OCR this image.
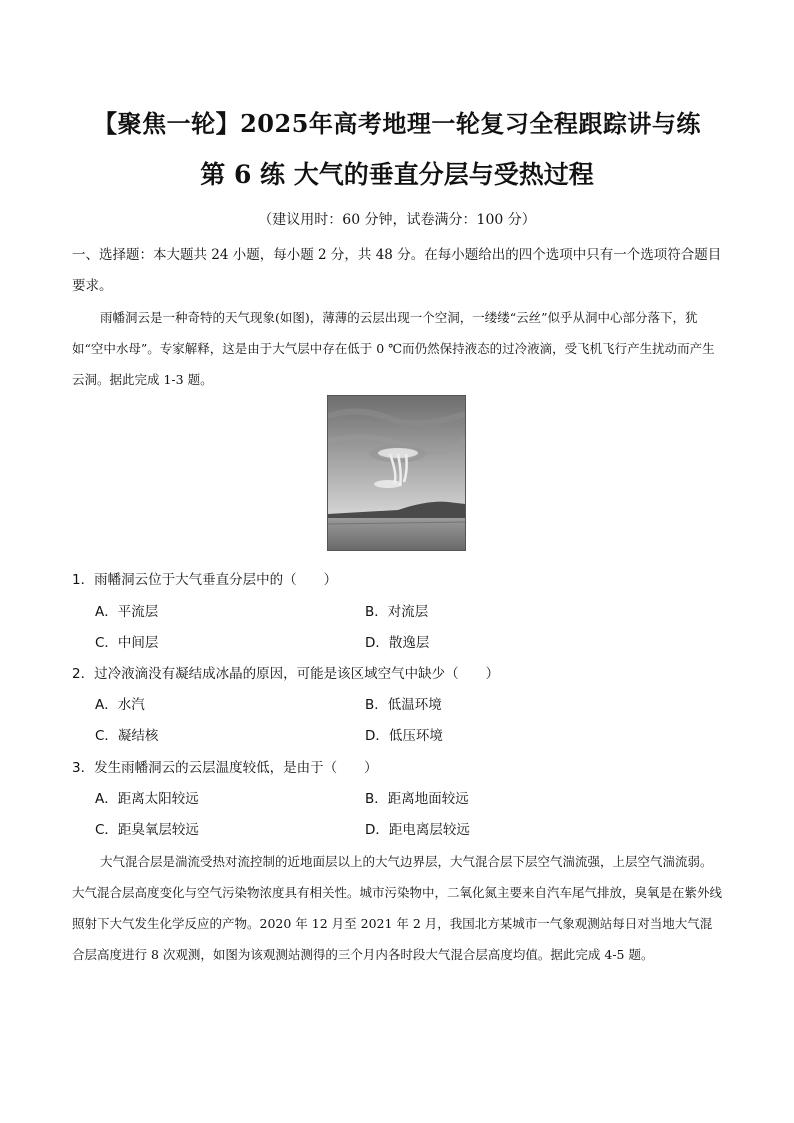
【聚焦一轮】2025年高考地理一轮复习全程跟踪讲与练
第 6 练 大气的垂直分层与受热过程
（建议用时：60 分钟，试卷满分：100 分）
一、选择题：本大题共 24 小题，每小题 2 分，共 48 分。在每小题给出的四个选项中只有一个选项符合题目要求。
雨幡洞云是一种奇特的天气现象(如图)，薄薄的云层出现一个空洞，一缕缕“云丝”似乎从洞中心部分落下，犹如“空中水母”。专家解释，这是由于大气层中存在低于 0 ℃而仍然保持液态的过冷液滴，受飞机飞行产生扰动而产生云洞。据此完成 1-3 题。
1．雨幡洞云位于大气垂直分层中的（　　）
A．平流层	B．对流层
C．中间层	D．散逸层
2．过冷液滴没有凝结成冰晶的原因，可能是该区域空气中缺少（　　）
A．水汽	B．低温环境
C．凝结核	D．低压环境
3．发生雨幡洞云的云层温度较低，是由于（　　）
A．距离太阳较远	B．距离地面较远
C．距臭氧层较远	D．距电离层较远
大气混合层是湍流受热对流控制的近地面层以上的大气边界层，大气混合层下层空气湍流强，上层空气湍流弱。大气混合层高度变化与空气污染物浓度具有相关性。城市污染物中，二氧化氮主要来自汽车尾气排放，臭氧是在紫外线照射下大气发生化学反应的产物。2020 年 12 月至 2021 年 2 月，我国北方某城市一气象观测站每日对当地大气混合层高度进行 8 次观测，如图为该观测站测得的三个月内各时段大气混合层高度均值。据此完成 4-5 题。
